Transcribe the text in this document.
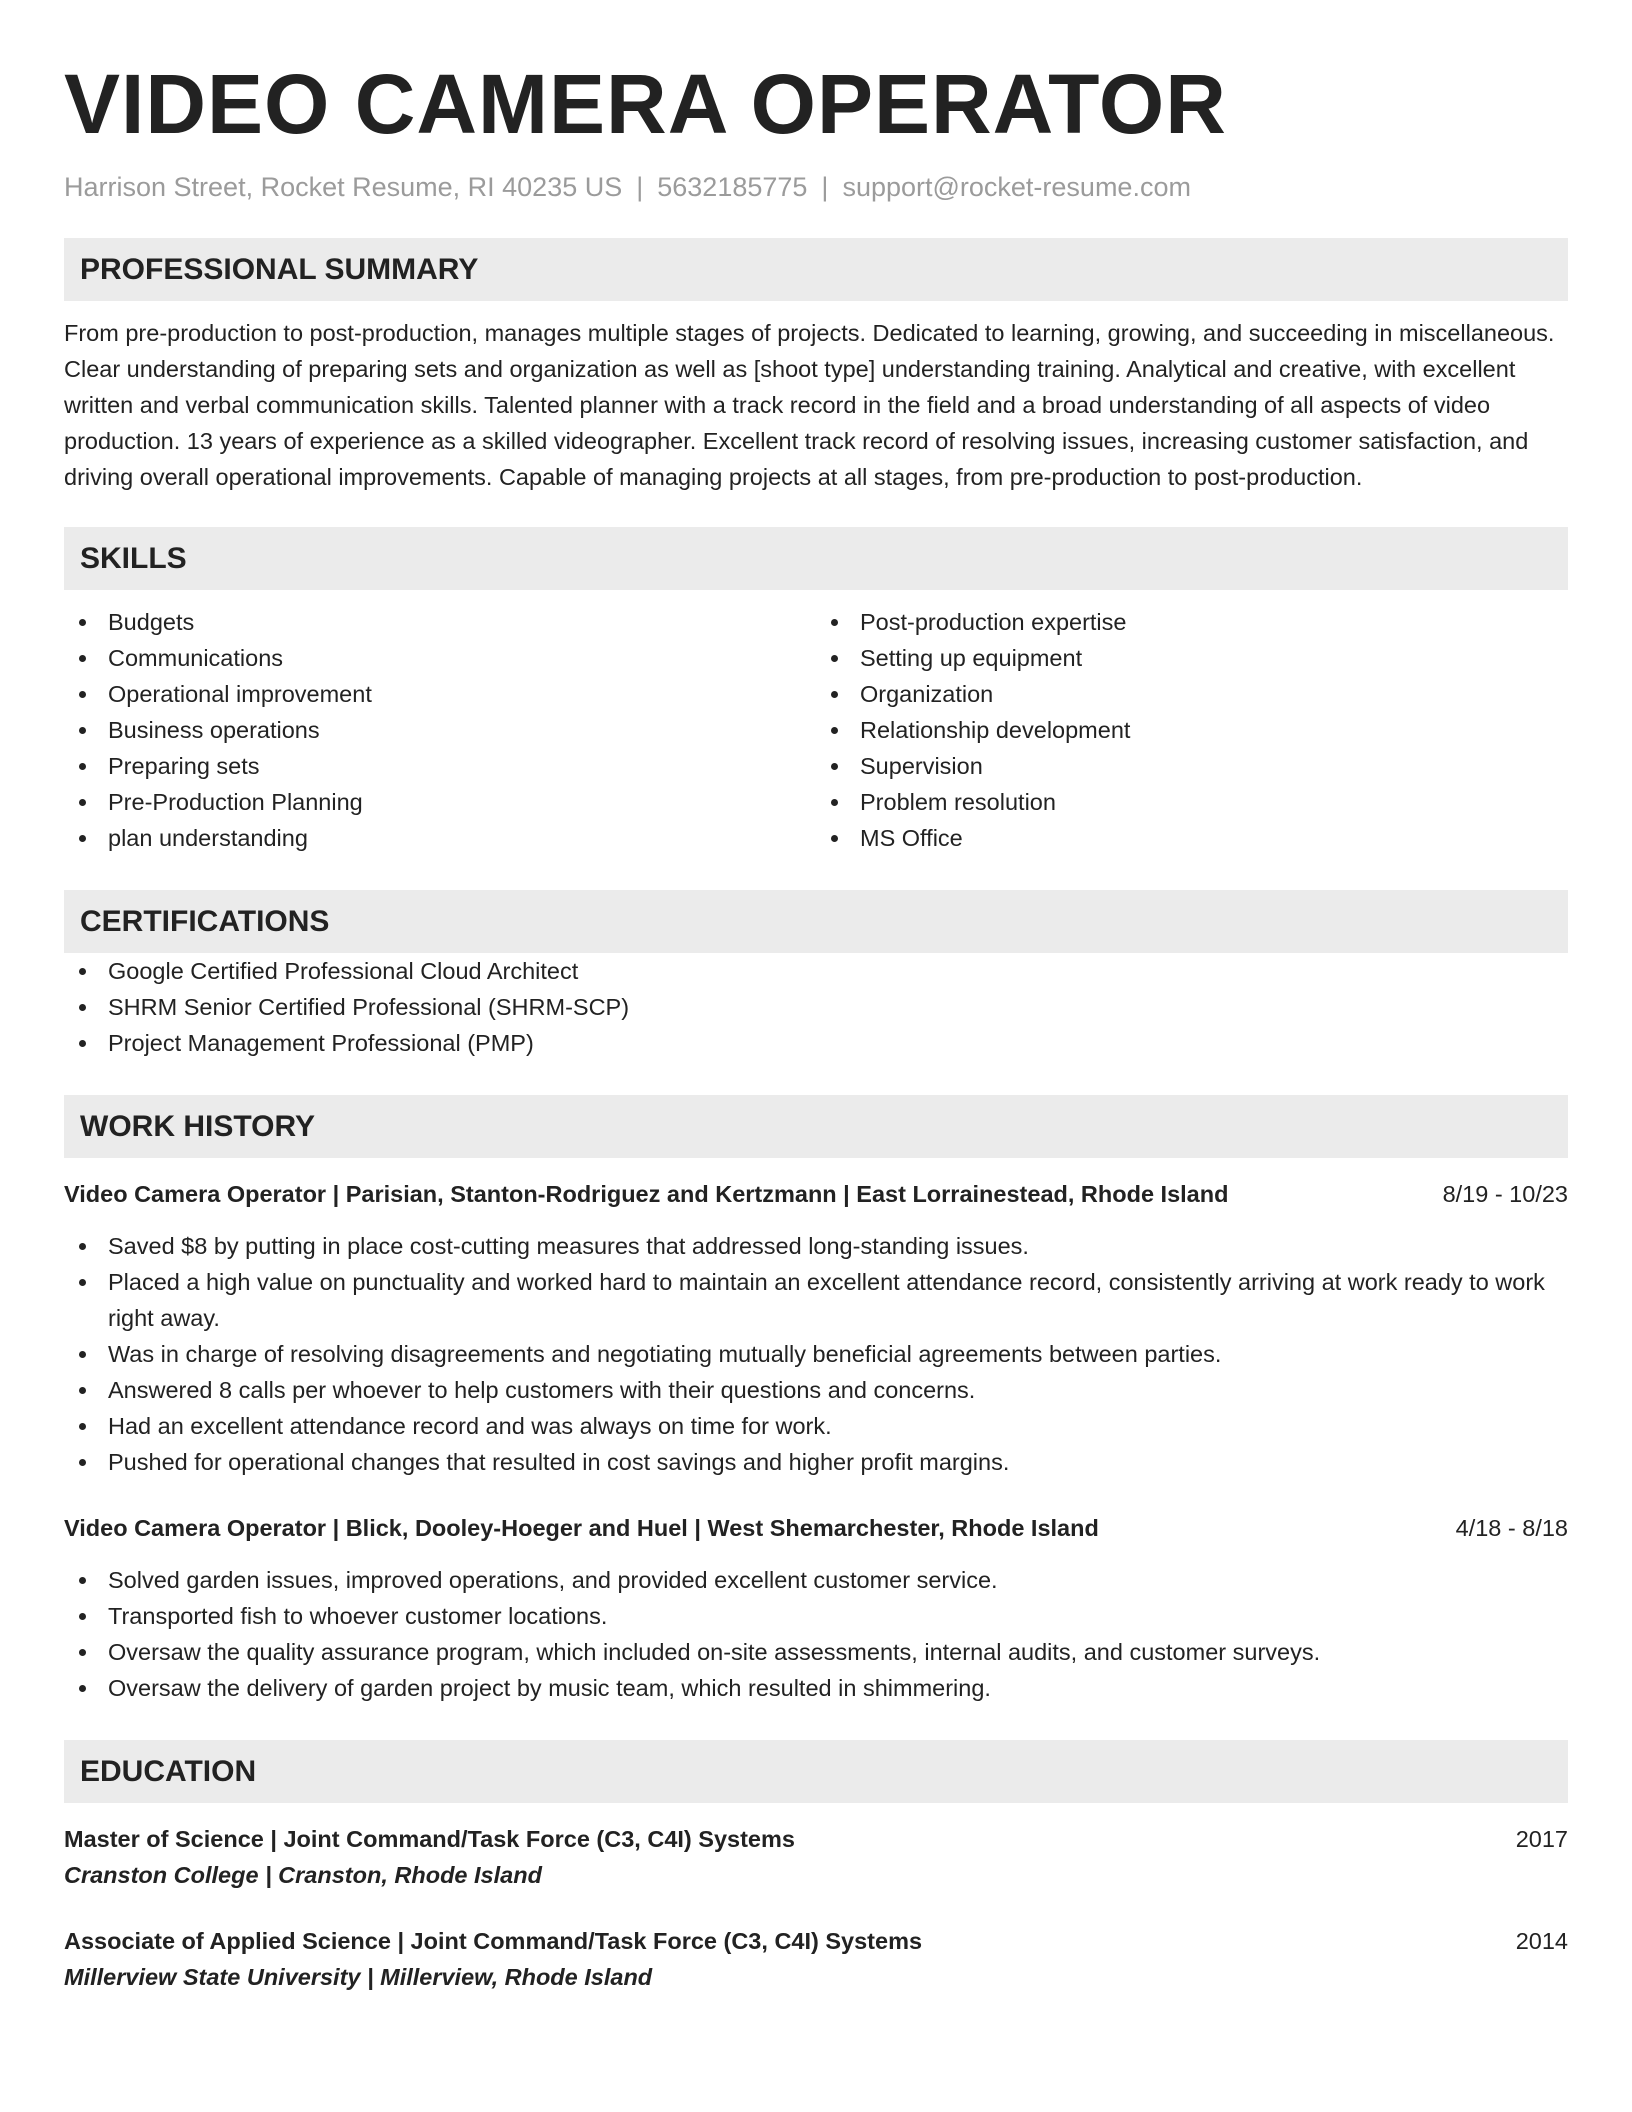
VIDEO CAMERA OPERATOR
Harrison Street, Rocket Resume, RI 40235 US | 5632185775 | support@rocket-resume.com
PROFESSIONAL SUMMARY
From pre-production to post-production, manages multiple stages of projects. Dedicated to learning, growing, and succeeding in miscellaneous. Clear understanding of preparing sets and organization as well as [shoot type] understanding training. Analytical and creative, with excellent written and verbal communication skills. Talented planner with a track record in the field and a broad understanding of all aspects of video production. 13 years of experience as a skilled videographer. Excellent track record of resolving issues, increasing customer satisfaction, and driving overall operational improvements. Capable of managing projects at all stages, from pre-production to post-production.
SKILLS
Budgets
Communications
Operational improvement
Business operations
Preparing sets
Pre-Production Planning
plan understanding
Post-production expertise
Setting up equipment
Organization
Relationship development
Supervision
Problem resolution
MS Office
CERTIFICATIONS
Google Certified Professional Cloud Architect
SHRM Senior Certified Professional (SHRM-SCP)
Project Management Professional (PMP)
WORK HISTORY
Video Camera Operator | Parisian, Stanton-Rodriguez and Kertzmann | East Lorrainestead, Rhode Island	8/19 - 10/23
Saved $8 by putting in place cost-cutting measures that addressed long-standing issues.
Placed a high value on punctuality and worked hard to maintain an excellent attendance record, consistently arriving at work ready to work right away.
Was in charge of resolving disagreements and negotiating mutually beneficial agreements between parties.
Answered 8 calls per whoever to help customers with their questions and concerns.
Had an excellent attendance record and was always on time for work.
Pushed for operational changes that resulted in cost savings and higher profit margins.
Video Camera Operator | Blick, Dooley-Hoeger and Huel | West Shemarchester, Rhode Island	4/18 - 8/18
Solved garden issues, improved operations, and provided excellent customer service.
Transported fish to whoever customer locations.
Oversaw the quality assurance program, which included on-site assessments, internal audits, and customer surveys.
Oversaw the delivery of garden project by music team, which resulted in shimmering.
EDUCATION
Master of Science | Joint Command/Task Force (C3, C4I) Systems	2017
Cranston College | Cranston, Rhode Island
Associate of Applied Science | Joint Command/Task Force (C3, C4I) Systems	2014
Millerview State University | Millerview, Rhode Island
